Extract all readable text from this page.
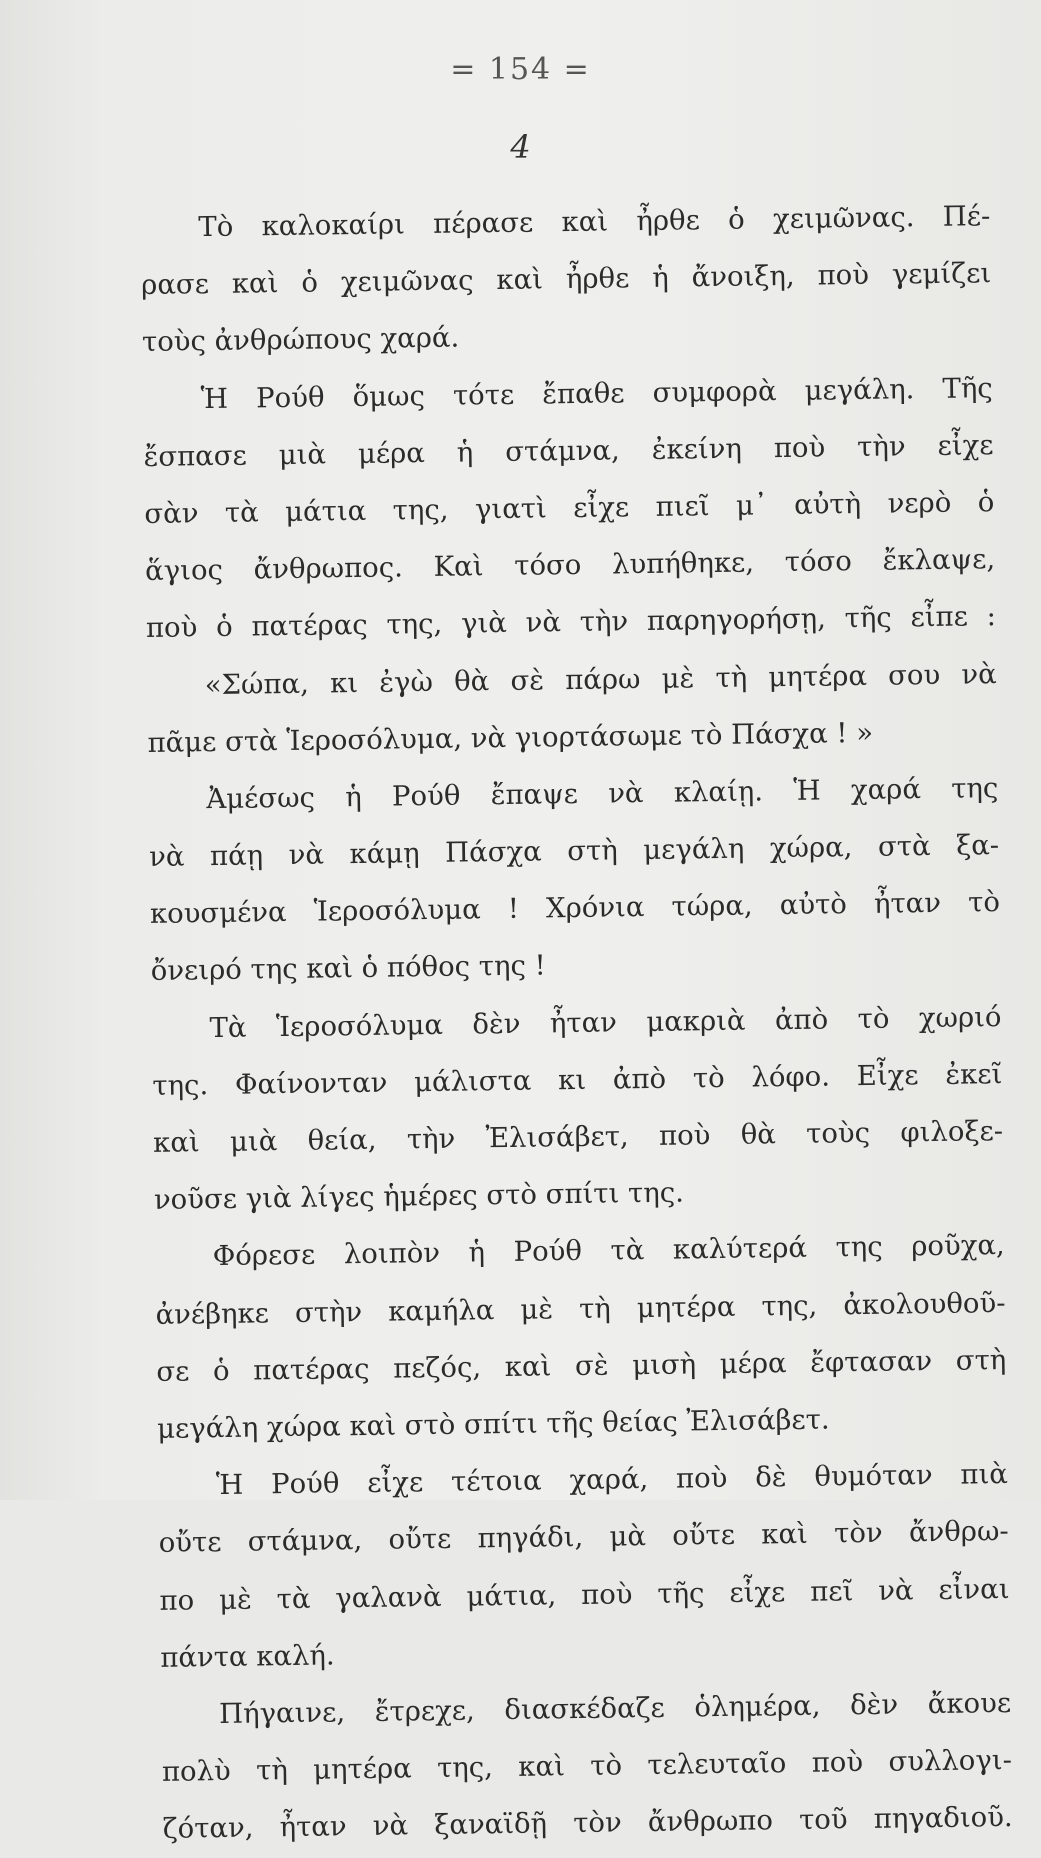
= 154 =
4
Τὸ καλοκαίρι πέρασε καὶ ἦρθε ὁ χειμῶνας. Πέ-
ρασε καὶ ὁ χειμῶνας καὶ ἦρθε ἡ ἄνοιξη, ποὺ γεμίζει
τοὺς ἀνθρώπους χαρά.
Ἡ Ρούθ ὅμως τότε ἔπαθε συμφορὰ μεγάλη. Τῆς
ἔσπασε μιὰ μέρα ἡ στάμνα, ἐκείνη ποὺ τὴν εἶχε
σὰν τὰ μάτια της, γιατὶ εἶχε πιεῖ μ᾽ αὐτὴ νερὸ ὁ
ἅγιος ἄνθρωπος. Καὶ τόσο λυπήθηκε, τόσο ἔκλαψε,
ποὺ ὁ πατέρας της, γιὰ νὰ τὴν παρηγορήσῃ, τῆς εἶπε :
«Σώπα, κι ἐγὼ θὰ σὲ πάρω μὲ τὴ μητέρα σου νὰ
πᾶμε στὰ Ἱεροσόλυμα, νὰ γιορτάσωμε τὸ Πάσχα ! »
Ἀμέσως ἡ Ρούθ ἔπαψε νὰ κλαίῃ. Ἡ χαρά της
νὰ πάῃ νὰ κάμῃ Πάσχα στὴ μεγάλη χώρα, στὰ ξα-
κουσμένα Ἱεροσόλυμα ! Χρόνια τώρα, αὐτὸ ἦταν τὸ
ὄνειρό της καὶ ὁ πόθος της !
Τὰ Ἱεροσόλυμα δὲν ἦταν μακριὰ ἀπὸ τὸ χωριό
της. Φαίνονταν μάλιστα κι ἀπὸ τὸ λόφο. Εἶχε ἐκεῖ
καὶ μιὰ θεία, τὴν Ἐλισάβετ, ποὺ θὰ τοὺς φιλοξε-
νοῦσε γιὰ λίγες ἡμέρες στὸ σπίτι της.
Φόρεσε λοιπὸν ἡ Ρούθ τὰ καλύτερά της ροῦχα,
ἀνέβηκε στὴν καμήλα μὲ τὴ μητέρα της, ἀκολουθοῦ-
σε ὁ πατέρας πεζός, καὶ σὲ μισὴ μέρα ἔφτασαν στὴ
μεγάλη χώρα καὶ στὸ σπίτι τῆς θείας Ἐλισάβετ.
Ἡ Ρούθ εἶχε τέτοια χαρά, ποὺ δὲ θυμόταν πιὰ
οὔτε στάμνα, οὔτε πηγάδι, μὰ οὔτε καὶ τὸν ἄνθρω-
πο μὲ τὰ γαλανὰ μάτια, ποὺ τῆς εἶχε πεῖ νὰ εἶναι
πάντα καλή.
Πήγαινε, ἔτρεχε, διασκέδαζε ὁλημέρα, δὲν ἄκουε
πολὺ τὴ μητέρα της, καὶ τὸ τελευταῖο ποὺ συλλογι-
ζόταν, ἦταν νὰ ξαναϊδῇ τὸν ἄνθρωπο τοῦ πηγαδιοῦ.
